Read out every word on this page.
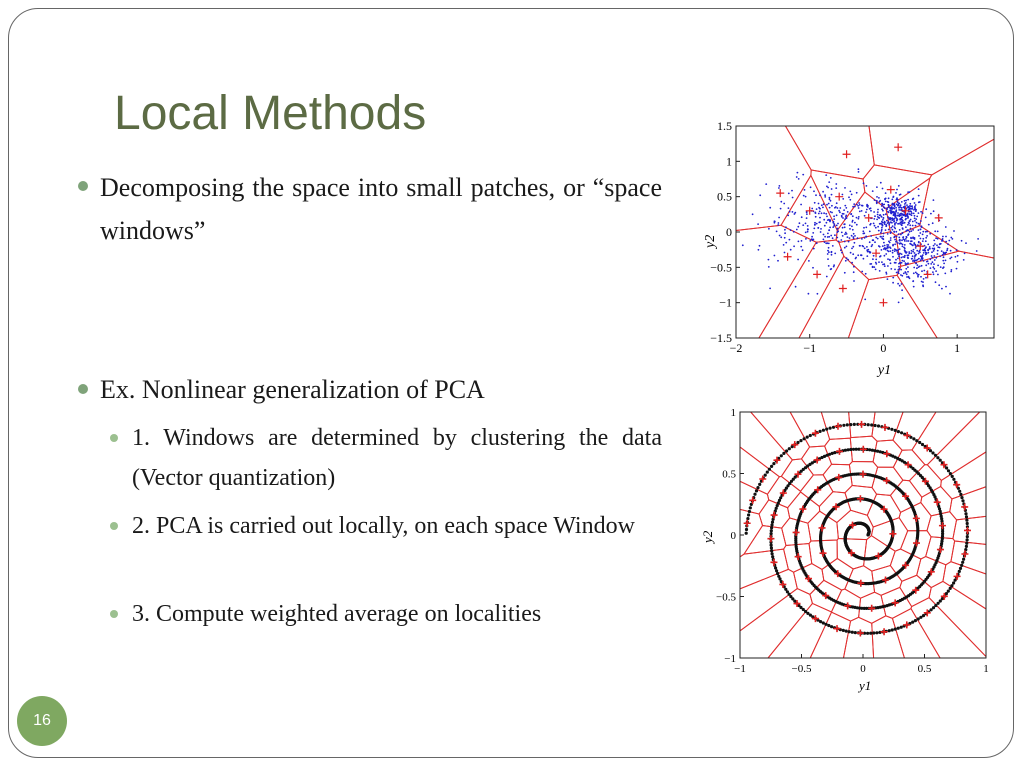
Local Methods
Decomposing the space into small patches, or “space windows”
Ex. Nonlinear generalization of PCA
1. Windows are determined by clustering the data (Vector quantization)
2. PCA is carried out locally, on each space Window
3. Compute weighted average on localities
−2	−1	0	1
1.5
1
0.5
0
−0.5
−1
−1.5
y2
y1
−1	−0.5	0	0.5	1
1
0.5
0
−0.5
−1
y2
y1
16
